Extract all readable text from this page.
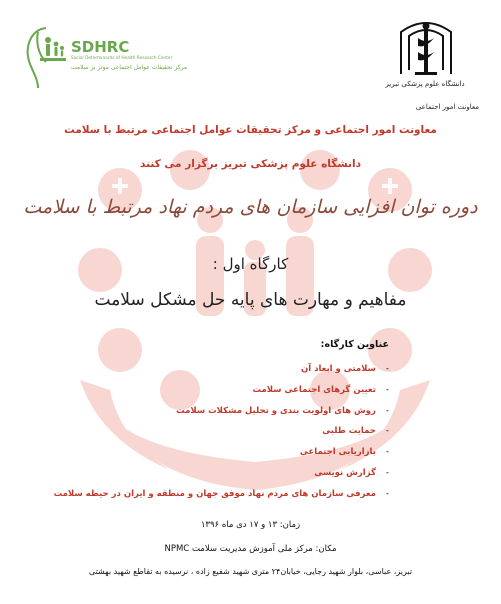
SDHRC
Social Determinants of Health Research Center
مرکز تحقیقات عوامل اجتماعی موثر بر سلامت
دانشگاه علوم پزشکی تبریز
معاونت امور اجتماعی
معاونت امور اجتماعی و مرکز تحقیقات عوامل اجتماعی مرتبط با سلامت
دانشگاه علوم پزشکی تبریز برگزار می کنند
دوره توان افزایی سازمان های مردم نهاد مرتبط با سلامت
کارگاه اول :
مفاهیم و مهارت های پایه حل مشکل سلامت
عناوین کارگاه:
-سلامتی و ابعاد آن
-تعیین گرهای اجتماعی سلامت
-روش های اولویت بندی و تحلیل مشکلات سلامت
-حمایت طلبی
-بازاریابی اجتماعی
-گزارش نویسی
-معرفی سازمان های مردم نهاد موفق جهان و منطقه و ایران در حیطه سلامت
زمان: ۱۳ و ۱۷ دی ماه ۱۳۹۶
مکان: مرکز ملی آموزش مدیریت سلامت NPMC
تبریز، عباسی، بلوار شهید رجایی، خیابان۲۴ متری شهید شفیع زاده ، نرسیده به تقاطع شهید بهشتی
